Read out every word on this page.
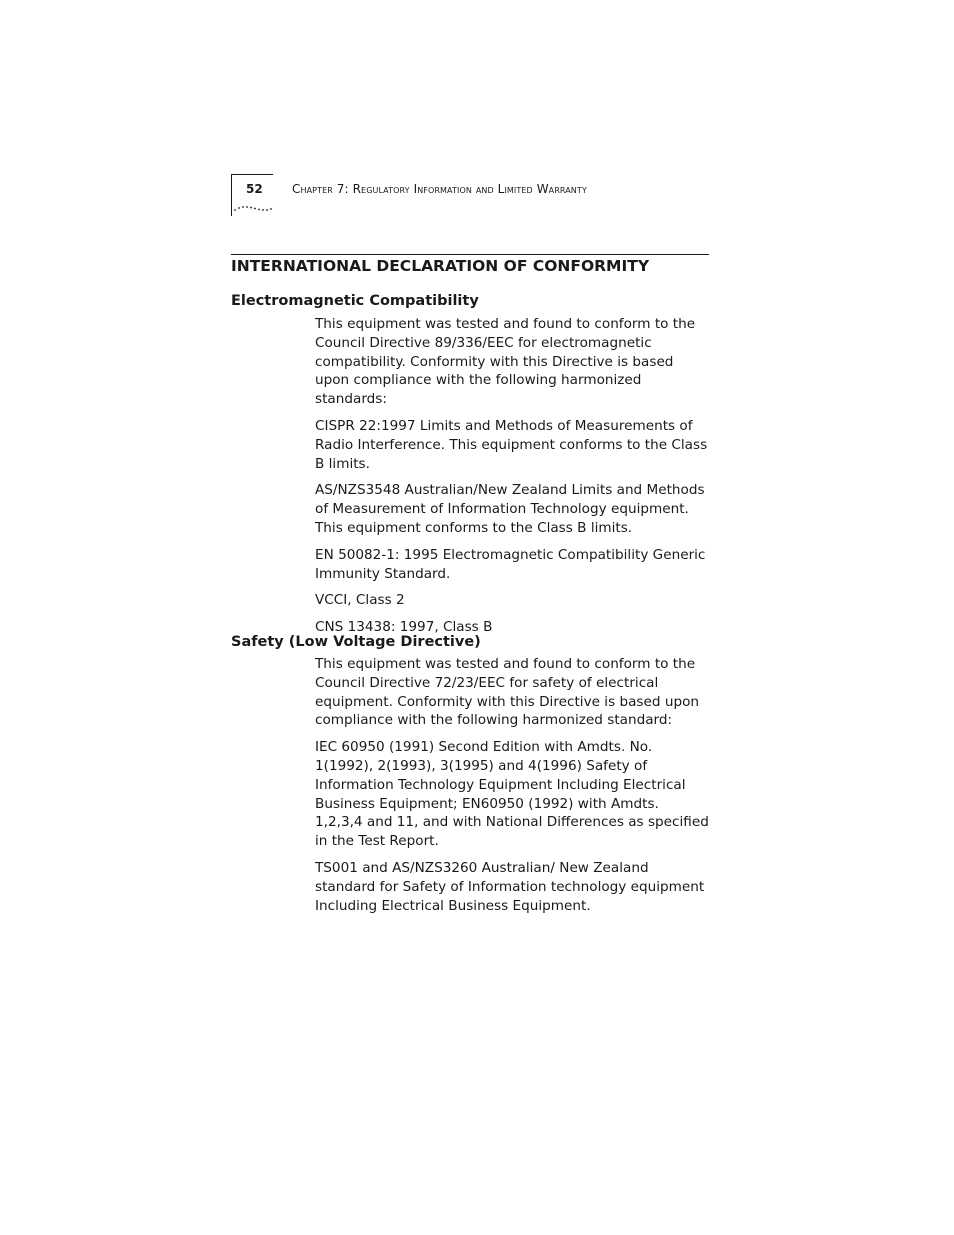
52 Chapter 7: Regulatory Information and Limited Warranty
INTERNATIONAL DECLARATION OF CONFORMITY
Electromagnetic Compatibility

This equipment was tested and found to conform to the Council Directive 89/336/EEC for electromagnetic compatibility. Conformity with this Directive is based upon compliance with the following harmonized standards:

CISPR 22:1997 Limits and Methods of Measurements of Radio Interference. This equipment conforms to the Class B limits.

AS/NZS3548 Australian/New Zealand Limits and Methods of Measurement of Information Technology equipment. This equipment conforms to the Class B limits.

EN 50082-1: 1995 Electromagnetic Compatibility Generic Immunity Standard.

VCCI, Class 2

CNS 13438: 1997, Class B

Safety (Low Voltage Directive)

This equipment was tested and found to conform to the Council Directive 72/23/EEC for safety of electrical equipment. Conformity with this Directive is based upon compliance with the following harmonized standard:

IEC 60950 (1991) Second Edition with Amdts. No. 1(1992), 2(1993), 3(1995) and 4(1996) Safety of Information Technology Equipment Including Electrical Business Equipment; EN60950 (1992) with Amdts. 1,2,3,4 and 11, and with National Differences as specified in the Test Report.

TS001 and AS/NZS3260 Australian/ New Zealand standard for Safety of Information technology equipment Including Electrical Business Equipment.
